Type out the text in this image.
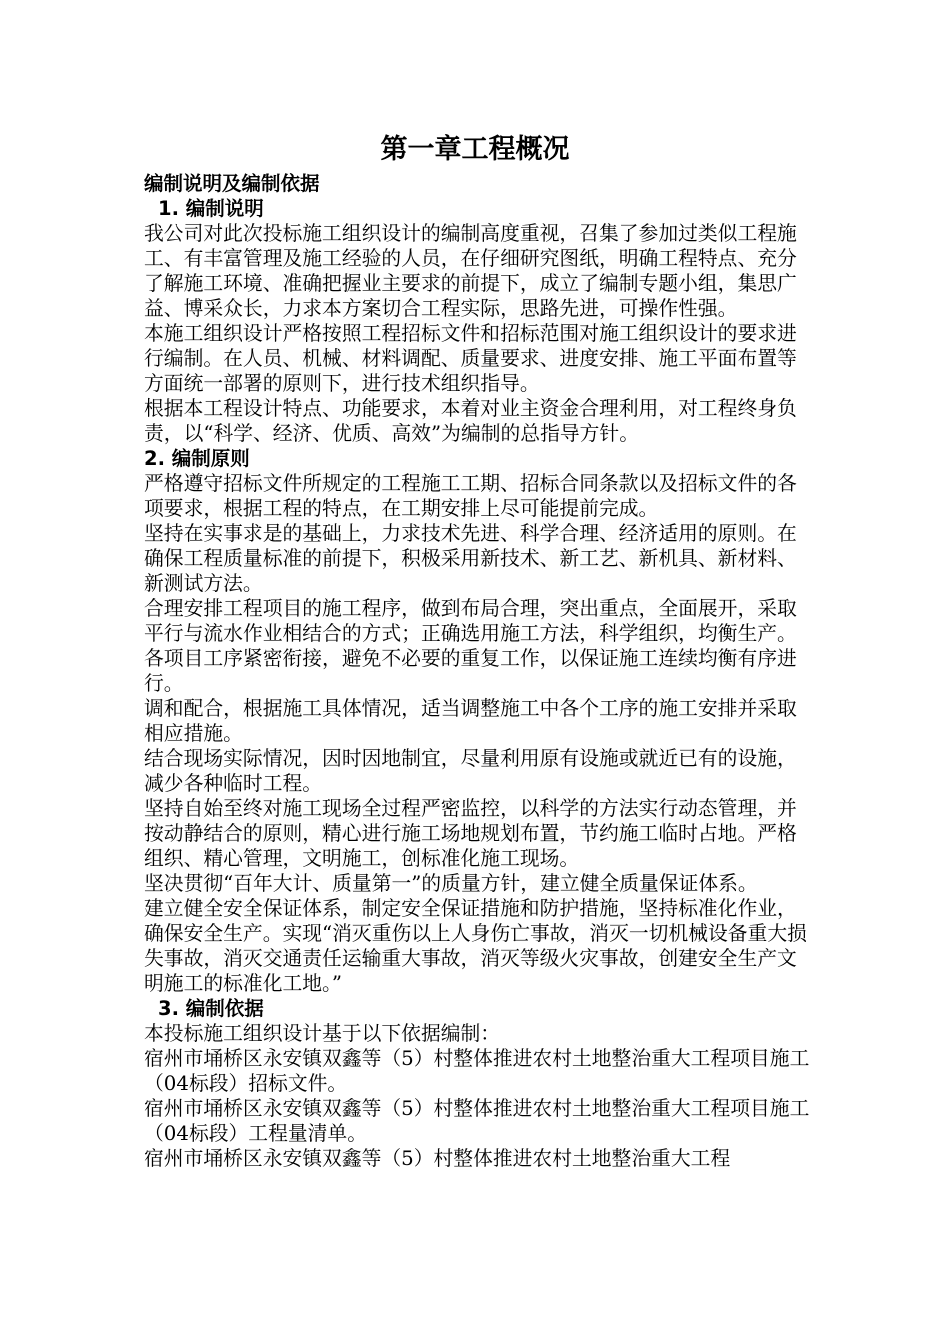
第一章工程概况

编制说明及编制依据

1. 编制说明

我公司对此次投标施工组织设计的编制高度重视，召集了参加过类似工程施工、有丰富管理及施工经验的人员，在仔细研究图纸，明确工程特点、充分了解施工环境、准确把握业主要求的前提下，成立了编制专题小组，集思广益、博采众长，力求本方案切合工程实际，思路先进，可操作性强。

本施工组织设计严格按照工程招标文件和招标范围对施工组织设计的要求进行编制。在人员、机械、材料调配、质量要求、进度安排、施工平面布置等方面统一部署的原则下，进行技术组织指导。

根据本工程设计特点、功能要求，本着对业主资金合理利用，对工程终身负责，以“科学、经济、优质、高效”为编制的总指导方针。

2. 编制原则

严格遵守招标文件所规定的工程施工工期、招标合同条款以及招标文件的各项要求，根据工程的特点，在工期安排上尽可能提前完成。

坚持在实事求是的基础上，力求技术先进、科学合理、经济适用的原则。在确保工程质量标准的前提下，积极采用新技术、新工艺、新机具、新材料、新测试方法。

合理安排工程项目的施工程序，做到布局合理，突出重点，全面展开，采取平行与流水作业相结合的方式；正确选用施工方法，科学组织，均衡生产。各项目工序紧密衔接，避免不必要的重复工作，以保证施工连续均衡有序进行。

调和配合，根据施工具体情况，适当调整施工中各个工序的施工安排并采取相应措施。

结合现场实际情况，因时因地制宜，尽量利用原有设施或就近已有的设施，减少各种临时工程。

坚持自始至终对施工现场全过程严密监控，以科学的方法实行动态管理，并按动静结合的原则，精心进行施工场地规划布置，节约施工临时占地。严格组织、精心管理，文明施工，创标准化施工现场。

坚决贯彻“百年大计、质量第一”的质量方针，建立健全质量保证体系。

建立健全安全保证体系，制定安全保证措施和防护措施，坚持标准化作业，确保安全生产。实现“消灭重伤以上人身伤亡事故，消灭一切机械设备重大损失事故，消灭交通责任运输重大事故，消灭等级火灾事故，创建安全生产文明施工的标准化工地。”

3. 编制依据

本投标施工组织设计基于以下依据编制：

宿州市埇桥区永安镇双鑫等（5）村整体推进农村土地整治重大工程项目施工（04标段）招标文件。

宿州市埇桥区永安镇双鑫等（5）村整体推进农村土地整治重大工程项目施工（04标段）工程量清单。

宿州市埇桥区永安镇双鑫等（5）村整体推进农村土地整治重大工程
